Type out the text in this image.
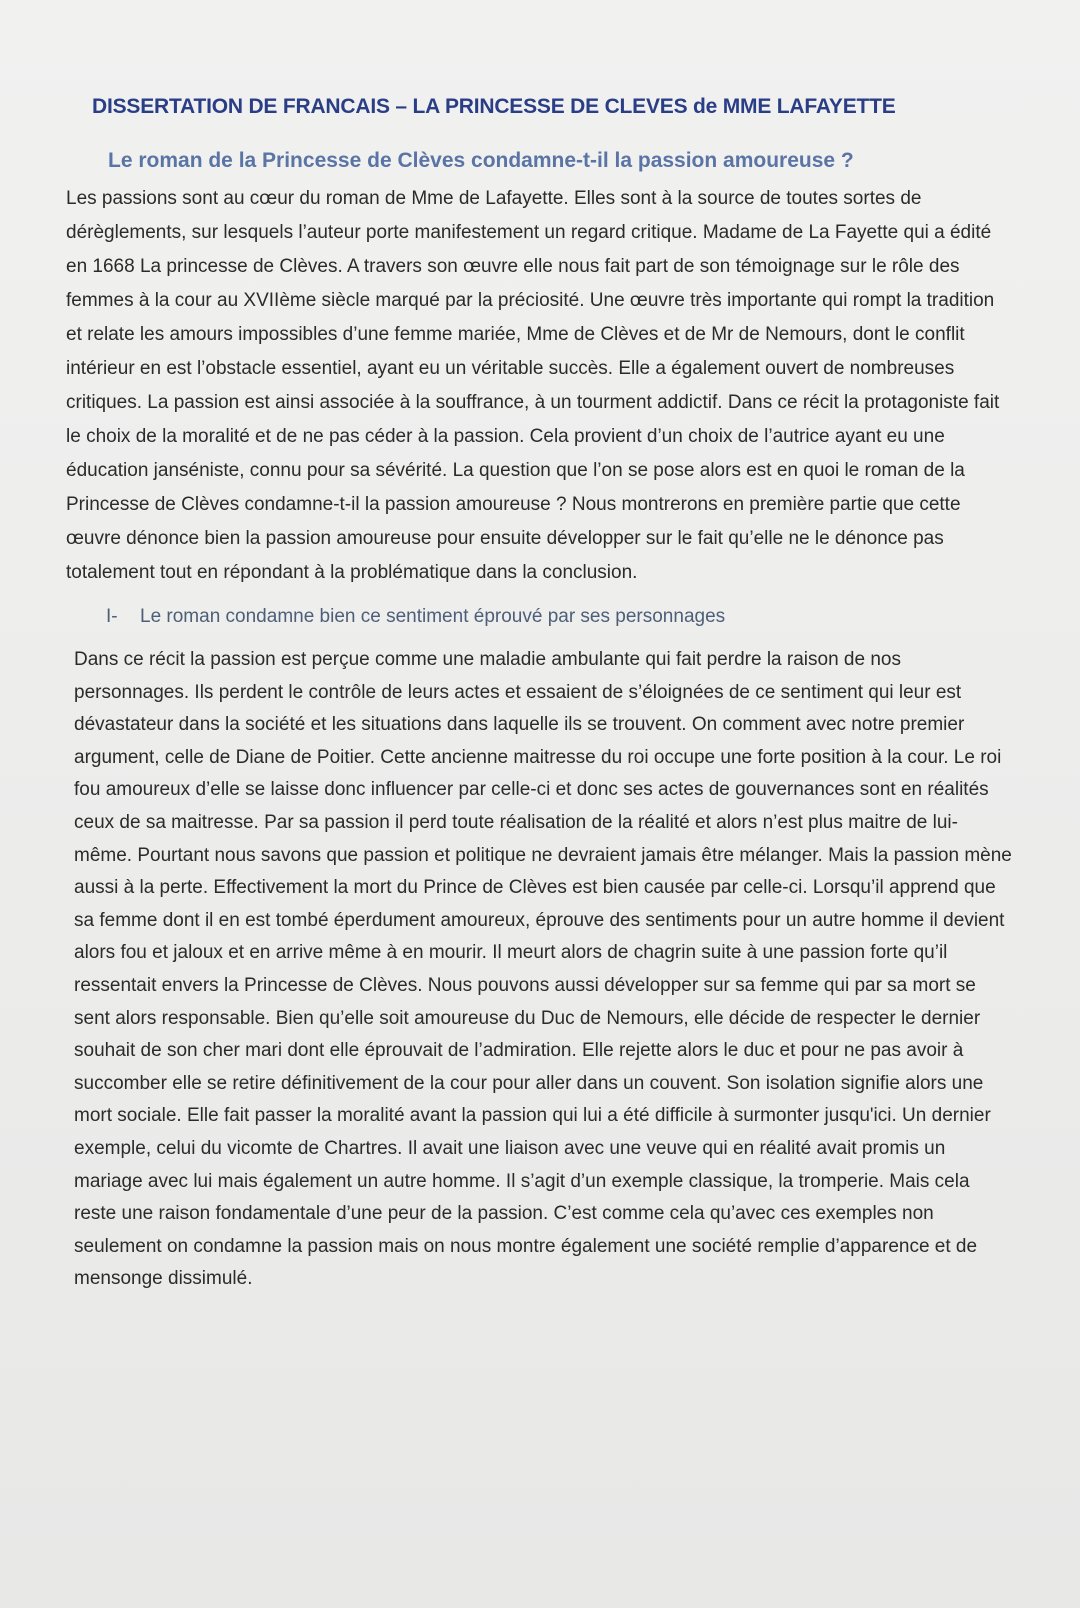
DISSERTATION DE FRANCAIS – LA PRINCESSE DE CLEVES de MME LAFAYETTE
Le roman de la Princesse de Clèves condamne-t-il la passion amoureuse ?

Les passions sont au cœur du roman de Mme de Lafayette. Elles sont à la source de toutes sortes de dérèglements, sur lesquels l’auteur porte manifestement un regard critique. Madame de La Fayette qui a édité en 1668 La princesse de Clèves. A travers son œuvre elle nous fait part de son témoignage sur le rôle des femmes à la cour au XVIIème siècle marqué par la préciosité. Une œuvre très importante qui rompt la tradition et relate les amours impossibles d’une femme mariée, Mme de Clèves et de Mr de Nemours, dont le conflit intérieur en est l’obstacle essentiel, ayant eu un véritable succès. Elle a également ouvert de nombreuses critiques. La passion est ainsi associée à la souffrance, à un tourment addictif. Dans ce récit la protagoniste fait le choix de la moralité et de ne pas céder à la passion. Cela provient d’un choix de l’autrice ayant eu une éducation janséniste, connu pour sa sévérité. La question que l’on se pose alors est en quoi le roman de la Princesse de Clèves condamne-t-il la passion amoureuse ? Nous montrerons en première partie que cette œuvre dénonce bien la passion amoureuse pour ensuite développer sur le fait qu’elle ne le dénonce pas totalement tout en répondant à la problématique dans la conclusion.

I- Le roman condamne bien ce sentiment éprouvé par ses personnages

Dans ce récit la passion est perçue comme une maladie ambulante qui fait perdre la raison de nos personnages. Ils perdent le contrôle de leurs actes et essaient de s’éloignées de ce sentiment qui leur est dévastateur dans la société et les situations dans laquelle ils se trouvent. On comment avec notre premier argument, celle de Diane de Poitier. Cette ancienne maitresse du roi occupe une forte position à la cour. Le roi fou amoureux d’elle se laisse donc influencer par celle-ci et donc ses actes de gouvernances sont en réalités ceux de sa maitresse. Par sa passion il perd toute réalisation de la réalité et alors n’est plus maitre de lui-même. Pourtant nous savons que passion et politique ne devraient jamais être mélanger. Mais la passion mène aussi à la perte. Effectivement la mort du Prince de Clèves est bien causée par celle-ci. Lorsqu’il apprend que sa femme dont il en est tombé éperdument amoureux, éprouve des sentiments pour un autre homme il devient alors fou et jaloux et en arrive même à en mourir. Il meurt alors de chagrin suite à une passion forte qu’il ressentait envers la Princesse de Clèves. Nous pouvons aussi développer sur sa femme qui par sa mort se sent alors responsable. Bien qu’elle soit amoureuse du Duc de Nemours, elle décide de respecter le dernier souhait de son cher mari dont elle éprouvait de l’admiration. Elle rejette alors le duc et pour ne pas avoir à succomber elle se retire définitivement de la cour pour aller dans un couvent. Son isolation signifie alors une mort sociale. Elle fait passer la moralité avant la passion qui lui a été difficile à surmonter jusqu'ici. Un dernier exemple, celui du vicomte de Chartres. Il avait une liaison avec une veuve qui en réalité avait promis un mariage avec lui mais également un autre homme. Il s’agit d’un exemple classique, la tromperie. Mais cela reste une raison fondamentale d’une peur de la passion. C’est comme cela qu’avec ces exemples non seulement on condamne la passion mais on nous montre également une société remplie d’apparence et de mensonge dissimulé.
